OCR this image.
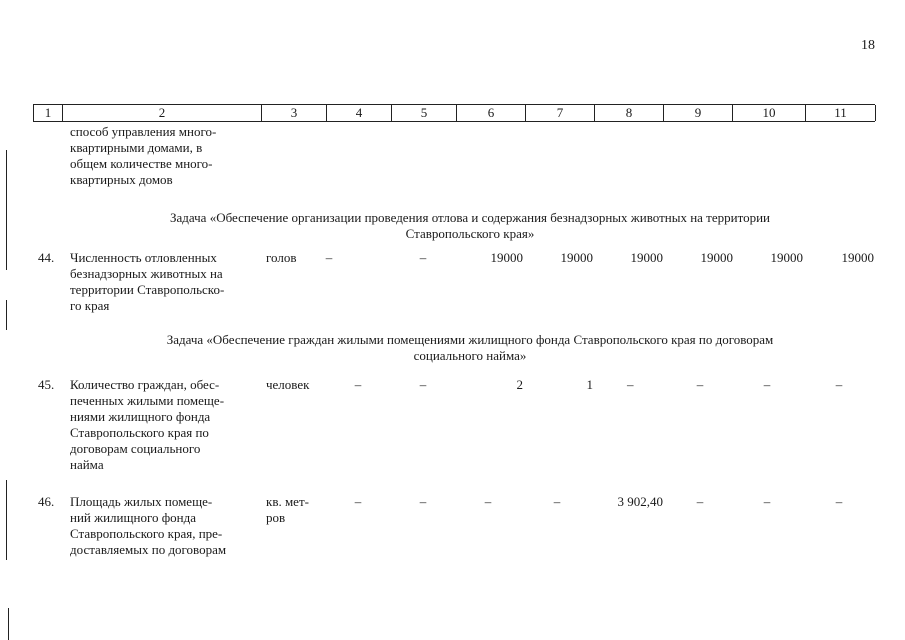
18
1	2	3	4	5	6	7	8	9	10	11
способ управления много-
квартирными домами, в
общем количестве много-
квартирных домов
Задача «Обеспечение организации проведения отлова и содержания безнадзорных животных на территории
Ставропольского края»
44. Численность отловленных
безнадзорных животных на
территории Ставропольско-
го края
голов	–	–	19000	19000	19000	19000	19000	19000
Задача «Обеспечение граждан жилыми помещениями жилищного фонда Ставропольского края по договорам
социального найма»
45. Количество граждан, обес-
печенных жилыми помеще-
ниями жилищного фонда
Ставропольского края по
договорам социального
найма
человек	–	–	2	1	–	–	–	–
46. Площадь жилых помеще-
ний жилищного фонда
Ставропольского края, пре-
доставляемых по договорам
кв. мет-
ров
–	–	–	–	3 902,40	–	–	–
